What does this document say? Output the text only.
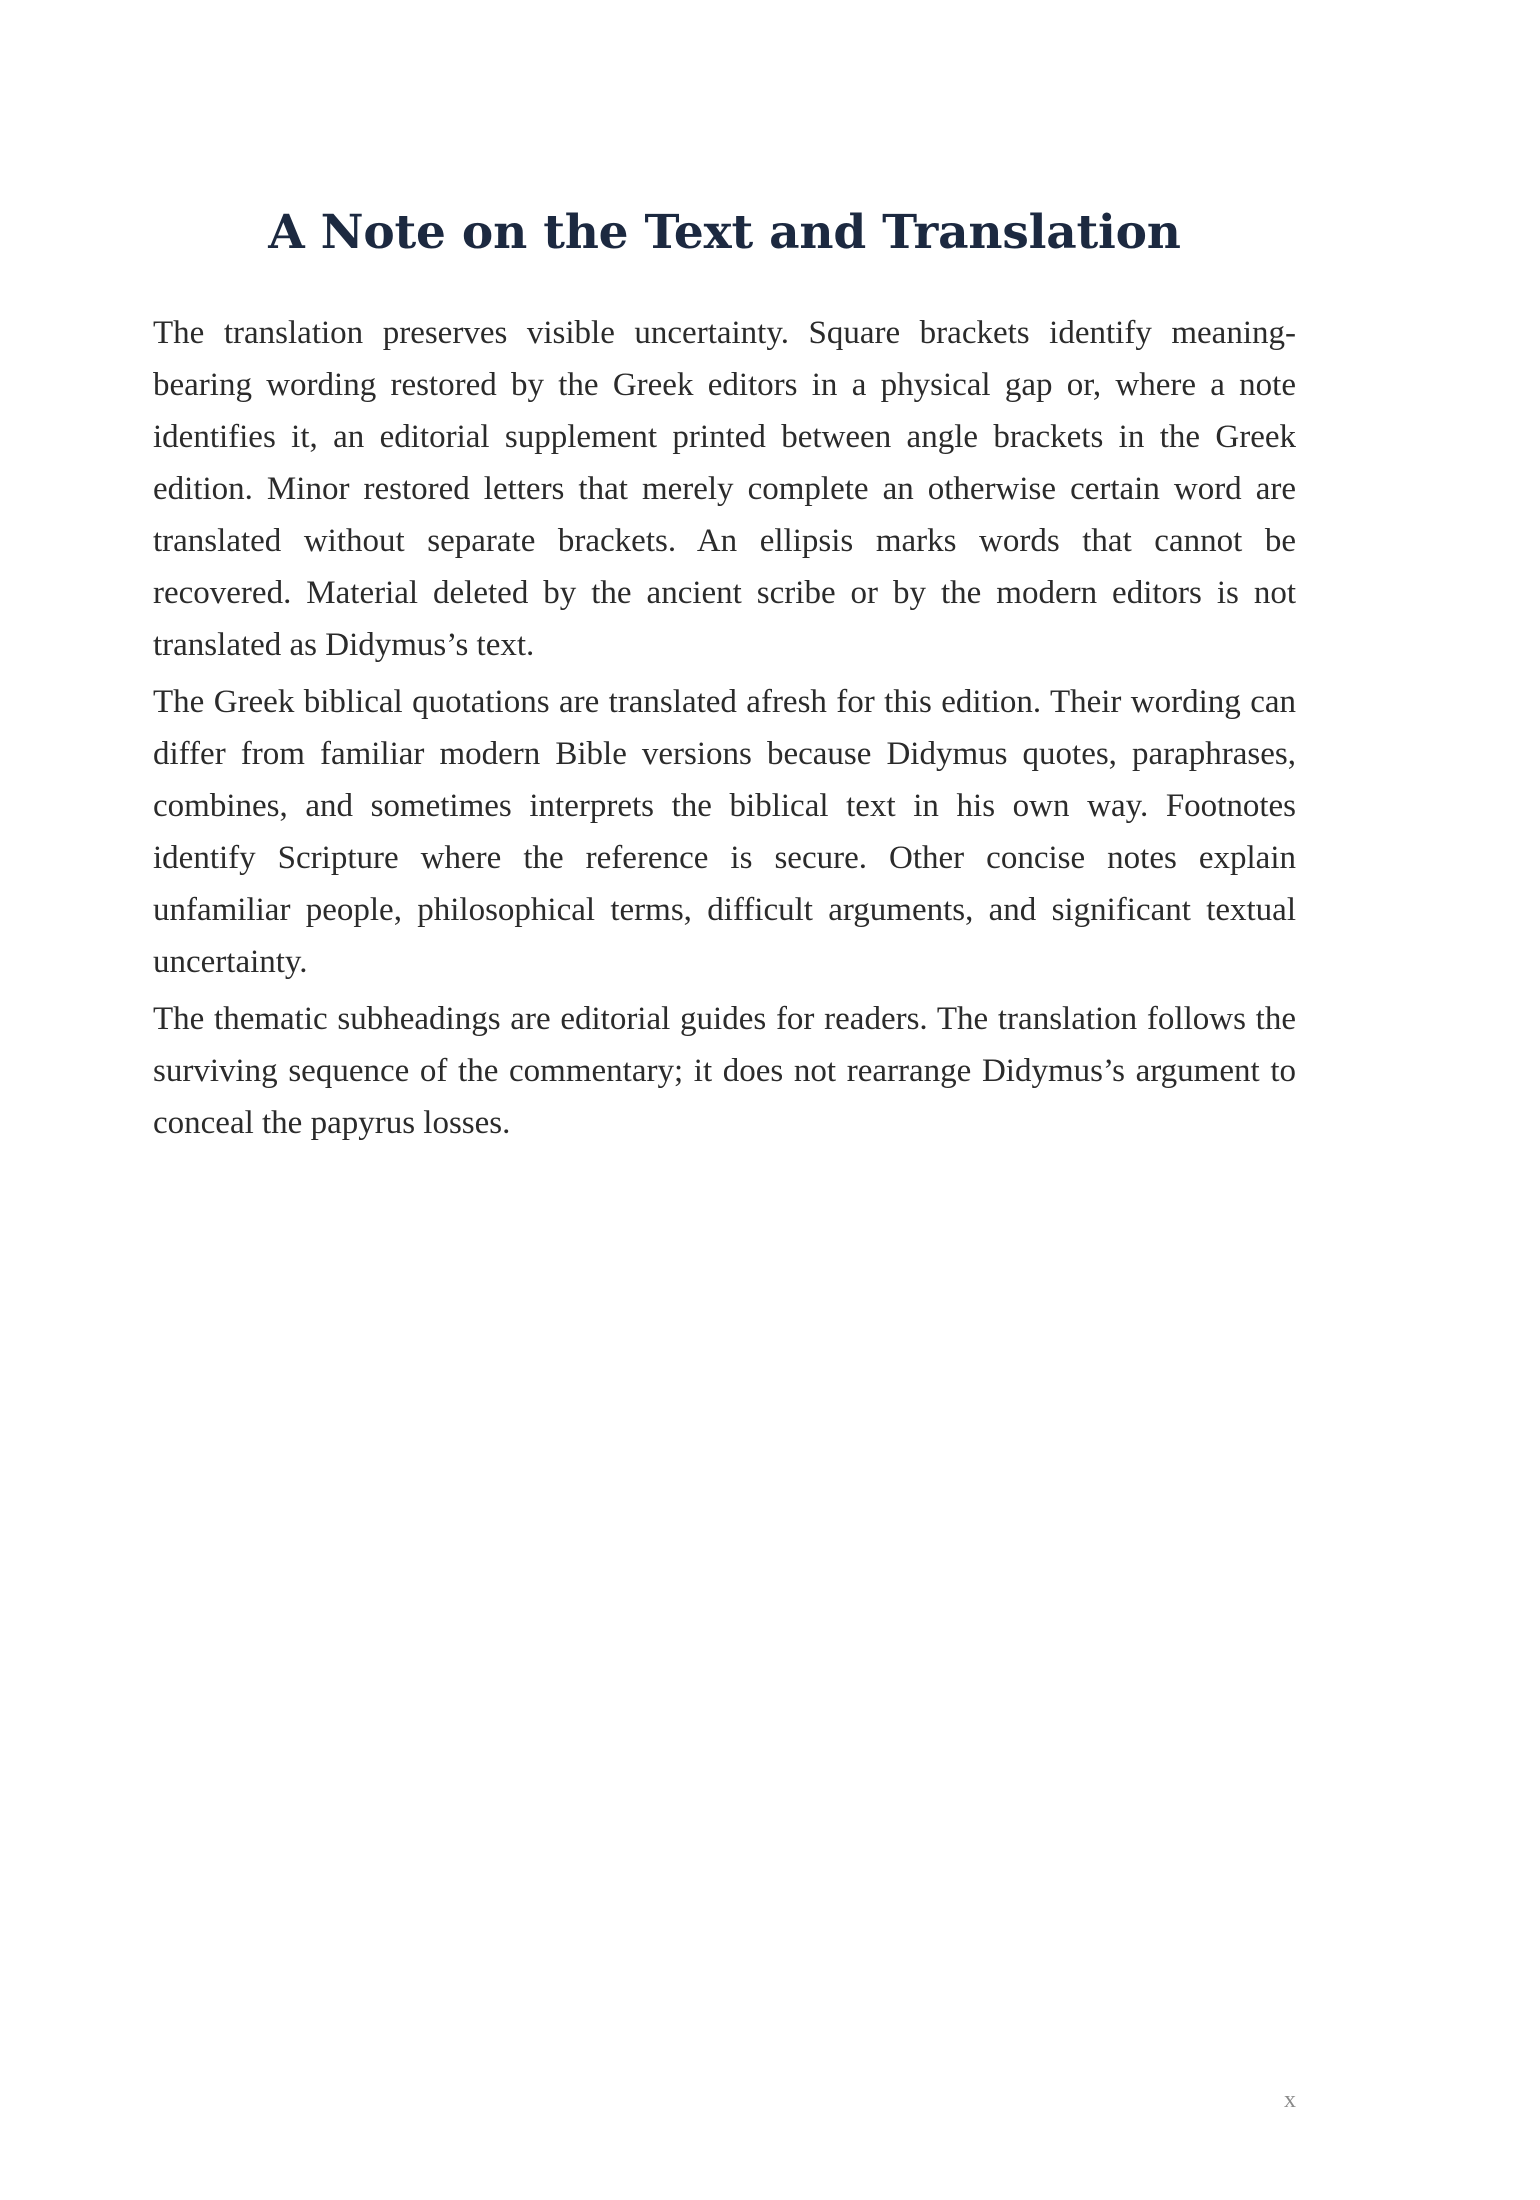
A Note on the Text and Translation

The translation preserves visible uncertainty. Square brackets identify meaning-bearing wording restored by the Greek editors in a physical gap or, where a note identifies it, an editorial supplement printed between angle brackets in the Greek edition. Minor restored letters that merely complete an otherwise certain word are translated without separate brackets. An ellipsis marks words that cannot be recovered. Material deleted by the ancient scribe or by the modern editors is not translated as Didymus’s text.

The Greek biblical quotations are translated afresh for this edition. Their wording can differ from familiar modern Bible versions because Didymus quotes, paraphrases, combines, and sometimes interprets the biblical text in his own way. Footnotes identify Scripture where the reference is secure. Other concise notes explain unfamiliar people, philosophical terms, difficult arguments, and significant textual uncertainty.

The thematic subheadings are editorial guides for readers. The translation follows the surviving sequence of the commentary; it does not rearrange Didymus’s argument to conceal the papyrus losses.

x
